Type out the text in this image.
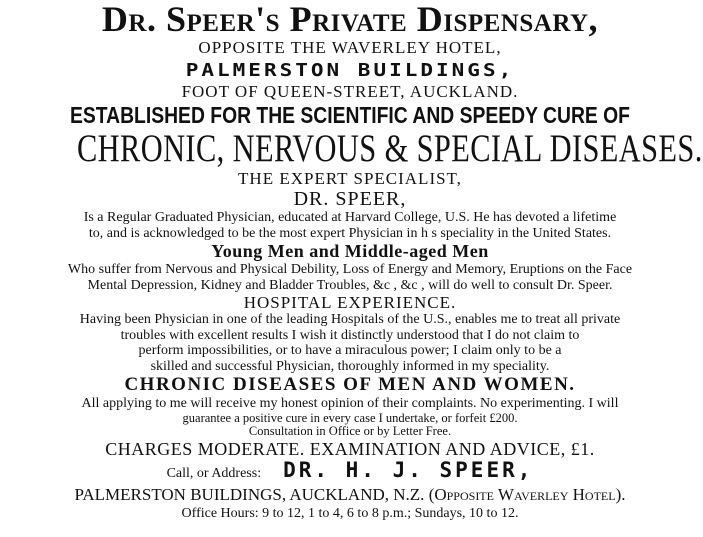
Dr. Speer's Private Dispensary,
OPPOSITE THE WAVERLEY HOTEL,
PALMERSTON BUILDINGS,
FOOT OF QUEEN-STREET, AUCKLAND.
ESTABLISHED FOR THE SCIENTIFIC AND SPEEDY CURE OF
CHRONIC, NERVOUS & SPECIAL DISEASES.
THE EXPERT SPECIALIST,
DR. SPEER,
Is a Regular Graduated Physician, educated at Harvard College, U.S. He has devoted a lifetime
to, and is acknowledged to be the most expert Physician in h s speciality in the United States.
Young Men and Middle-aged Men
Who suffer from Nervous and Physical Debility, Loss of Energy and Memory, Eruptions on the Face
Mental Depression, Kidney and Bladder Troubles, &c , &c , will do well to consult Dr. Speer.
HOSPITAL EXPERIENCE.
Having been Physician in one of the leading Hospitals of the U.S., enables me to treat all private
troubles with excellent results I wish it distinctly understood that I do not claim to
perform impossibilities, or to have a miraculous power; I claim only to be a
skilled and successful Physician, thoroughly informed in my speciality.
CHRONIC DISEASES OF MEN AND WOMEN.
All applying to me will receive my honest opinion of their complaints. No experimenting. I will
guarantee a positive cure in every case I undertake, or forfeit £200.
Consultation in Office or by Letter Free.
CHARGES MODERATE. EXAMINATION AND ADVICE, £1.
Call, or Address: DR. H. J. SPEER,
PALMERSTON BUILDINGS, AUCKLAND, N.Z. (Opposite Waverley Hotel).
Office Hours: 9 to 12, 1 to 4, 6 to 8 p.m.; Sundays, 10 to 12.
